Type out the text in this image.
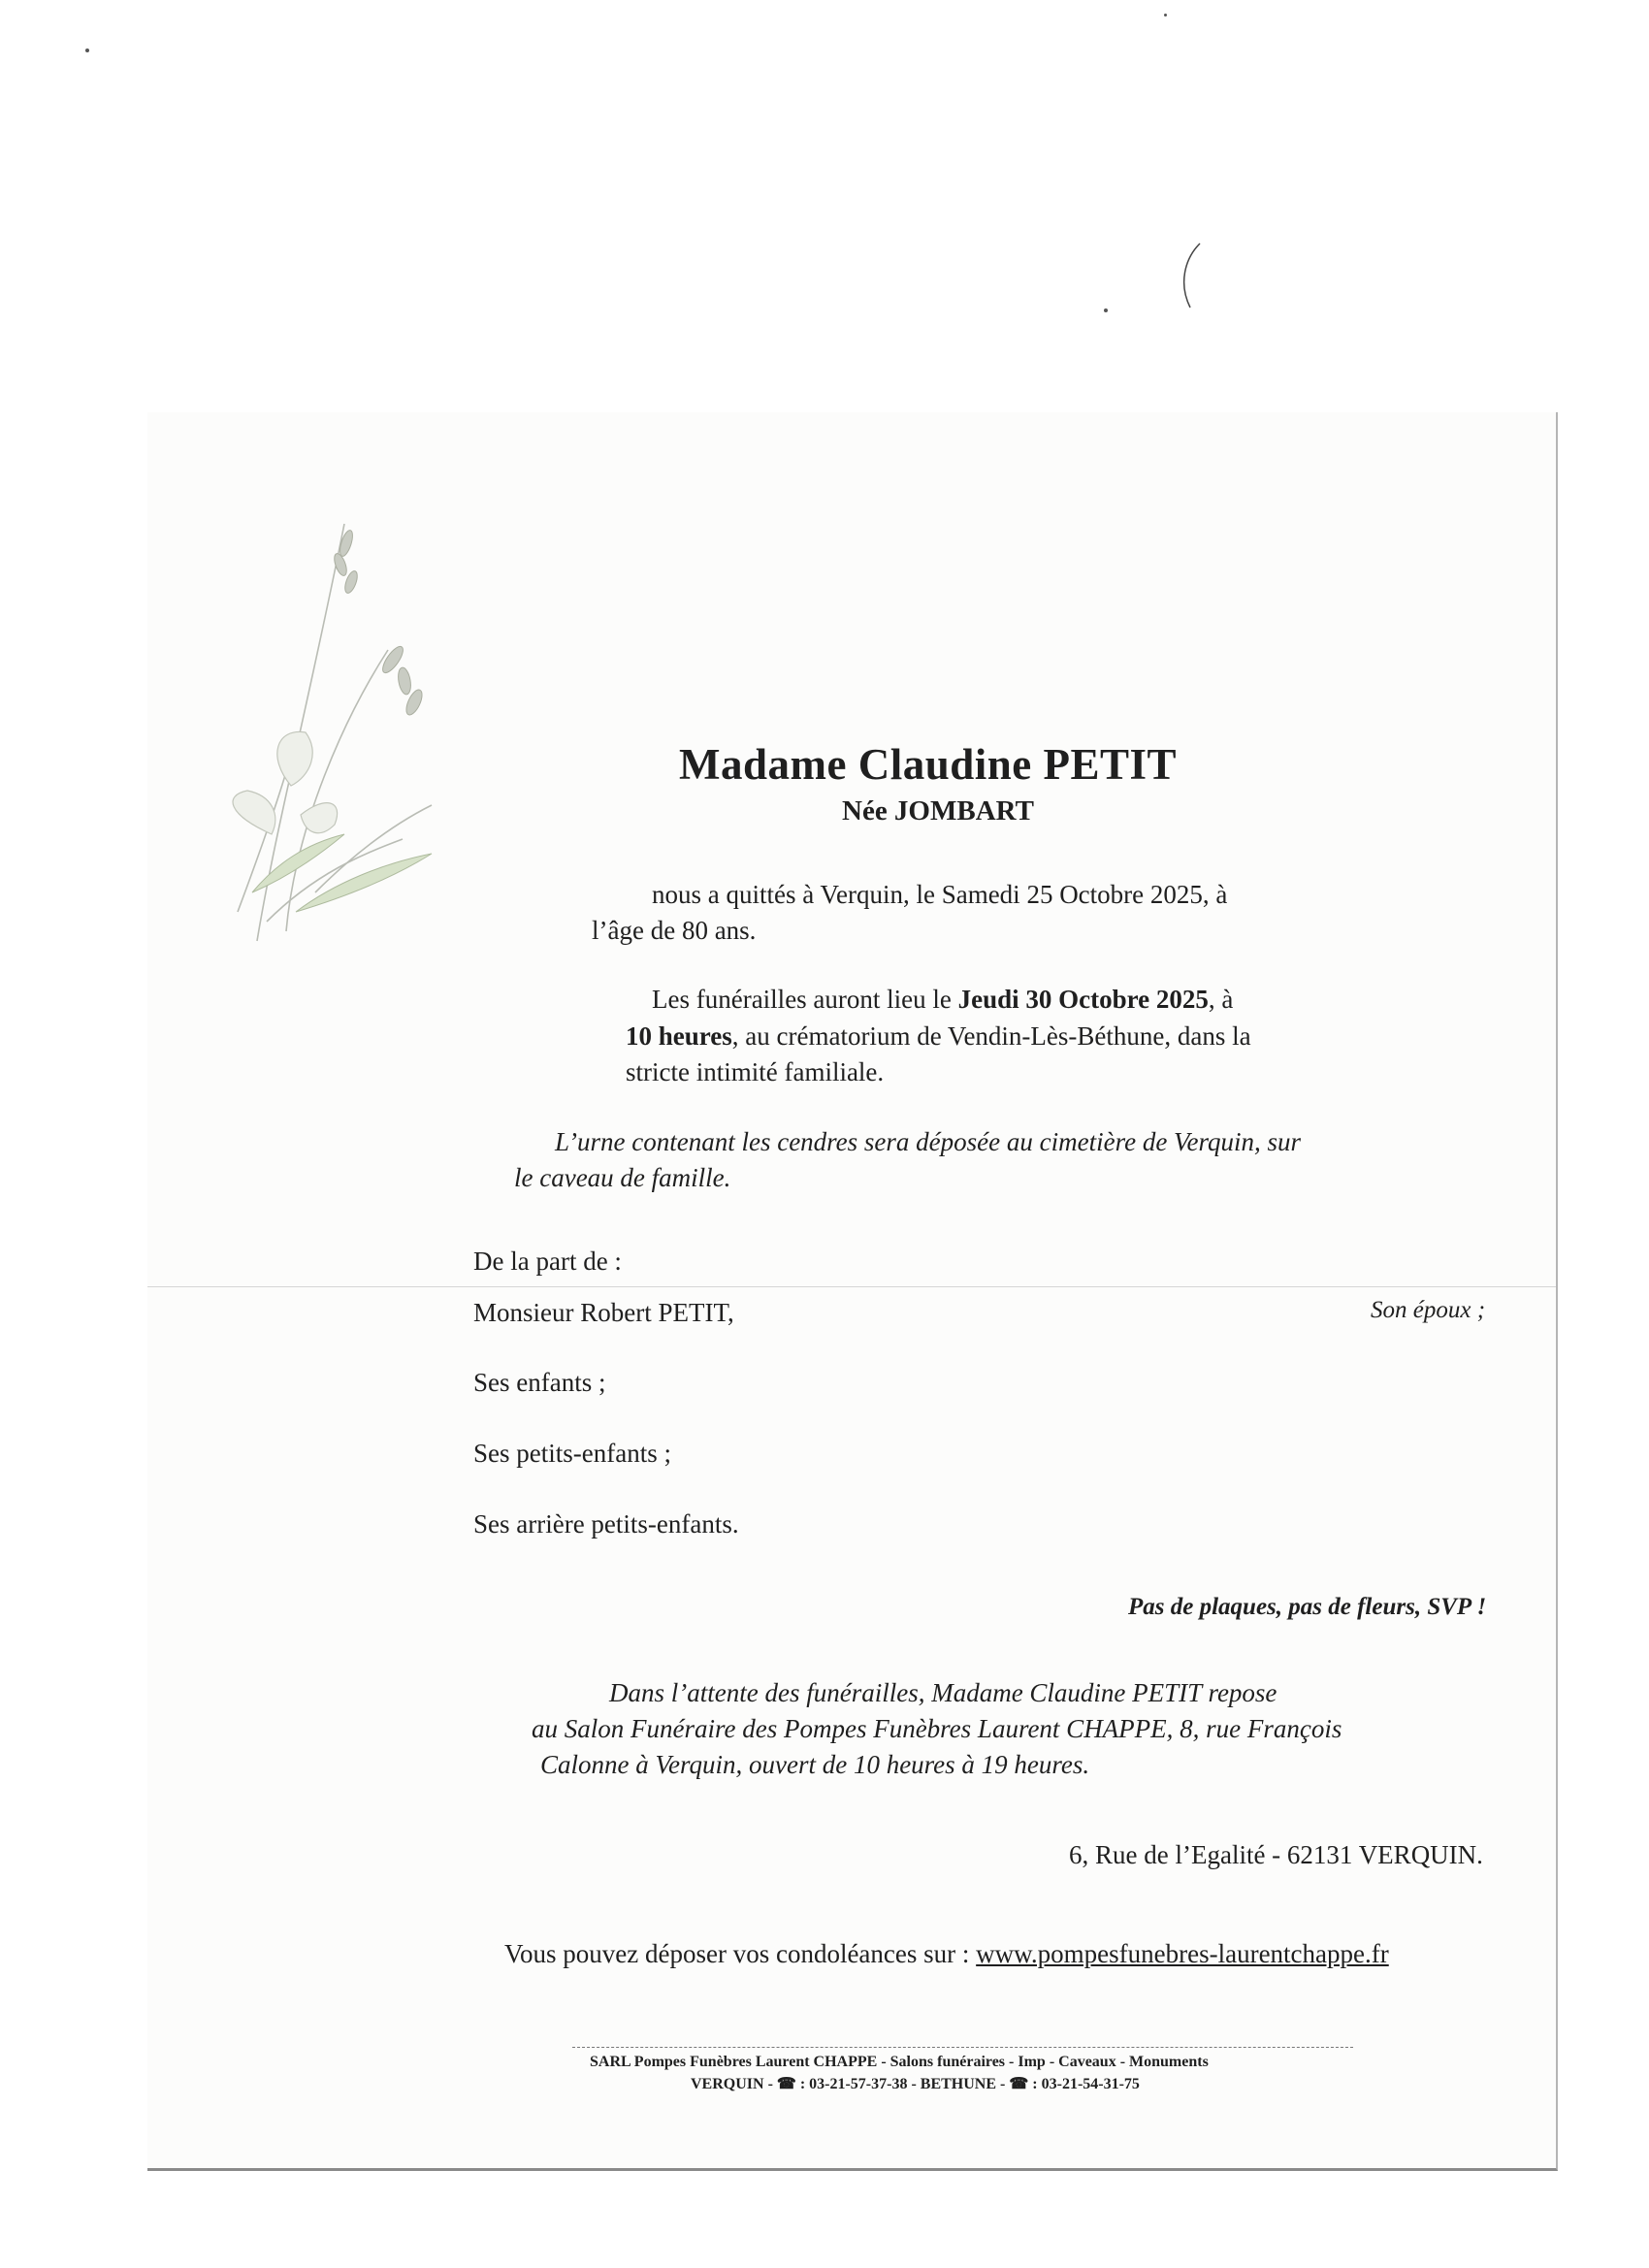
Madame Claudine PETIT
Née JOMBART
nous a quittés à Verquin, le Samedi 25 Octobre 2025, à
l’âge de 80 ans.
Les funérailles auront lieu le Jeudi 30 Octobre 2025, à
10 heures, au crématorium de Vendin-Lès-Béthune, dans la
stricte intimité familiale.
L’urne contenant les cendres sera déposée au cimetière de Verquin, sur
le caveau de famille.
De la part de :
Monsieur Robert PETIT,	Son époux ;
Ses enfants ;
Ses petits-enfants ;
Ses arrière petits-enfants.
Pas de plaques, pas de fleurs, SVP !
Dans l’attente des funérailles, Madame Claudine PETIT repose
au Salon Funéraire des Pompes Funèbres Laurent CHAPPE, 8, rue François
Calonne à Verquin, ouvert de 10 heures à 19 heures.
6, Rue de l’Egalité - 62131 VERQUIN.
Vous pouvez déposer vos condoléances sur : www.pompesfunebres-laurentchappe.fr
SARL Pompes Funèbres Laurent CHAPPE - Salons funéraires - Imp - Caveaux - Monuments
VERQUIN - ☎ : 03-21-57-37-38 - BETHUNE - ☎ : 03-21-54-31-75
